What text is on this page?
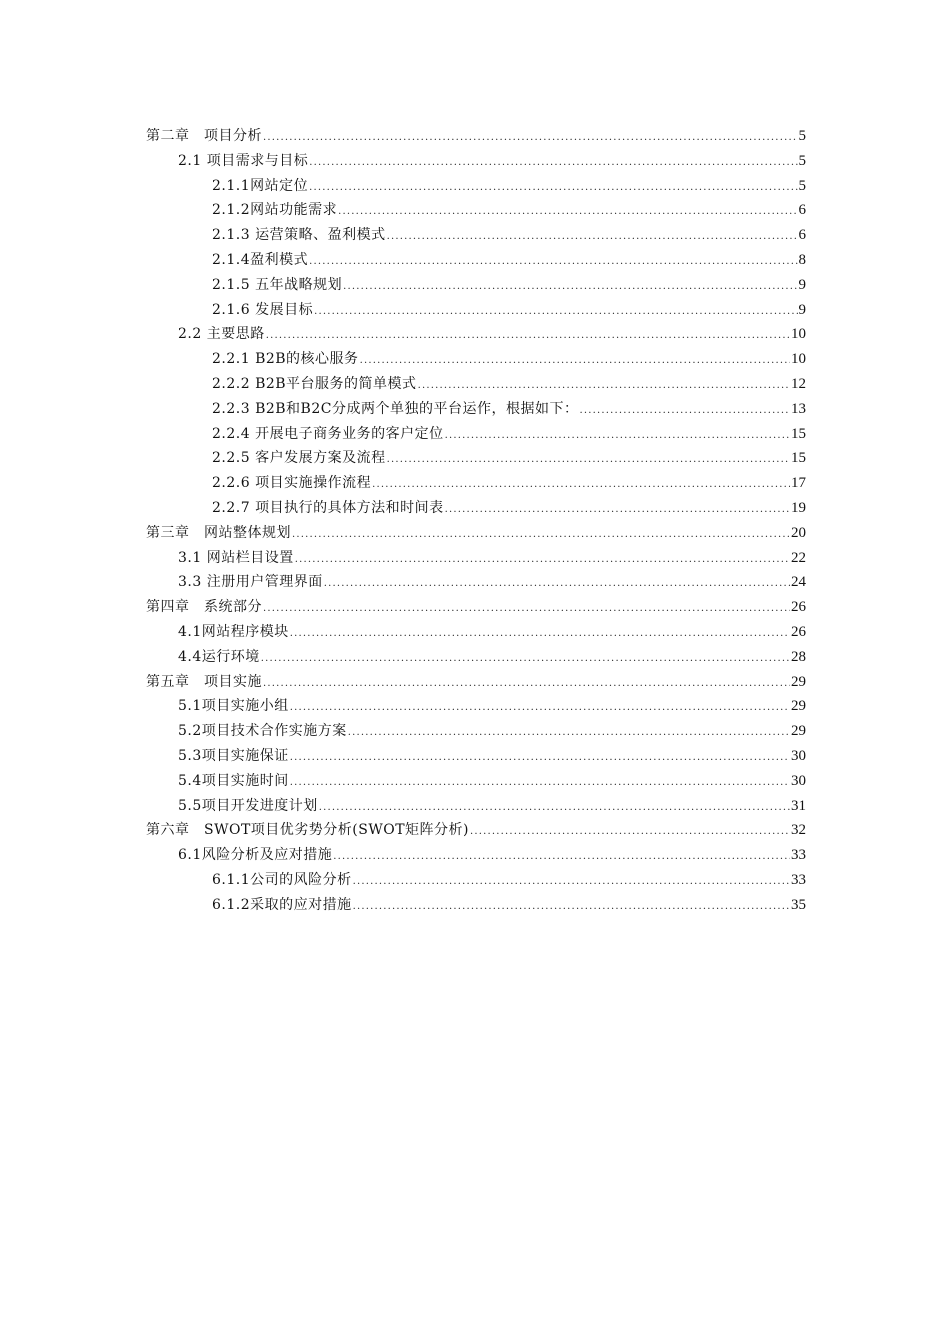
第二章　项目分析 .....	5
2.1 项目需求与目标 .....	5
2.1.1网站定位 .....	5
2.1.2网站功能需求 .....	6
2.1.3 运营策略、盈利模式 .....	6
2.1.4盈利模式 .....	8
2.1.5 五年战略规划 .....	9
2.1.6 发展目标 .....	9
2.2 主要思路 .....	10
2.2.1 B2B的核心服务 .....	10
2.2.2 B2B平台服务的简单模式 .....	12
2.2.3 B2B和B2C分成两个单独的平台运作，根据如下： .....	13
2.2.4 开展电子商务业务的客户定位 .....	15
2.2.5 客户发展方案及流程 .....	15
2.2.6 项目实施操作流程 .....	17
2.2.7 项目执行的具体方法和时间表 .....	19
第三章　网站整体规划 .....	20
3.1 网站栏目设置 .....	22
3.3 注册用户管理界面 .....	24
第四章　系统部分 .....	26
4.1网站程序模块 .....	26
4.4运行环境 .....	28
第五章　项目实施 .....	29
5.1项目实施小组 .....	29
5.2项目技术合作实施方案 .....	29
5.3项目实施保证 .....	30
5.4项目实施时间 .....	30
5.5项目开发进度计划 .....	31
第六章　SWOT项目优劣势分析(SWOT矩阵分析) .....	32
6.1风险分析及应对措施 .....	33
6.1.1公司的风险分析 .....	33
6.1.2采取的应对措施 .....	35
